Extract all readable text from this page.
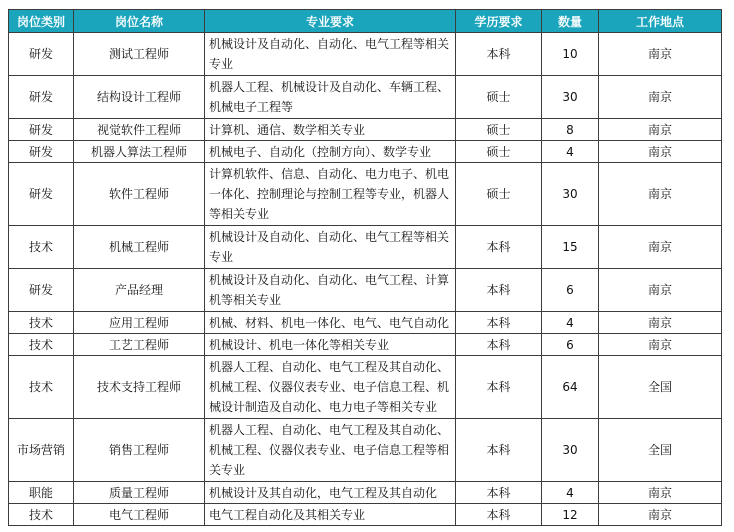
岗位类别	岗位名称	专业要求	学历要求	数量	工作地点
研发	测试工程师	机械设计及自动化、自动化、电气工程等相关专业	本科	10	南京
研发	结构设计工程师	机器人工程、机械设计及自动化、车辆工程、机械电子工程等	硕士	30	南京
研发	视觉软件工程师	计算机、通信、数学相关专业	硕士	8	南京
研发	机器人算法工程师	机械电子、自动化（控制方向）、数学专业	硕士	4	南京
研发	软件工程师	计算机软件、信息、自动化、电力电子、机电一体化、控制理论与控制工程等专业，机器人等相关专业	硕士	30	南京
技术	机械工程师	机械设计及自动化、自动化、电气工程等相关专业	本科	15	南京
研发	产品经理	机械设计及自动化、自动化、电气工程、计算机等相关专业	本科	6	南京
技术	应用工程师	机械、材料、机电一体化、电气、电气自动化	本科	4	南京
技术	工艺工程师	机械设计、机电一体化等相关专业	本科	6	南京
技术	技术支持工程师	机器人工程、自动化、电气工程及其自动化、机械工程、仪器仪表专业、电子信息工程、机械设计制造及自动化、电力电子等相关专业	本科	64	全国
市场营销	销售工程师	机器人工程、自动化、电气工程及其自动化、机械工程、仪器仪表专业、电子信息工程等相关专业	本科	30	全国
职能	质量工程师	机械设计及其自动化，电气工程及其自动化	本科	4	南京
技术	电气工程师	电气工程自动化及其相关专业	本科	12	南京
